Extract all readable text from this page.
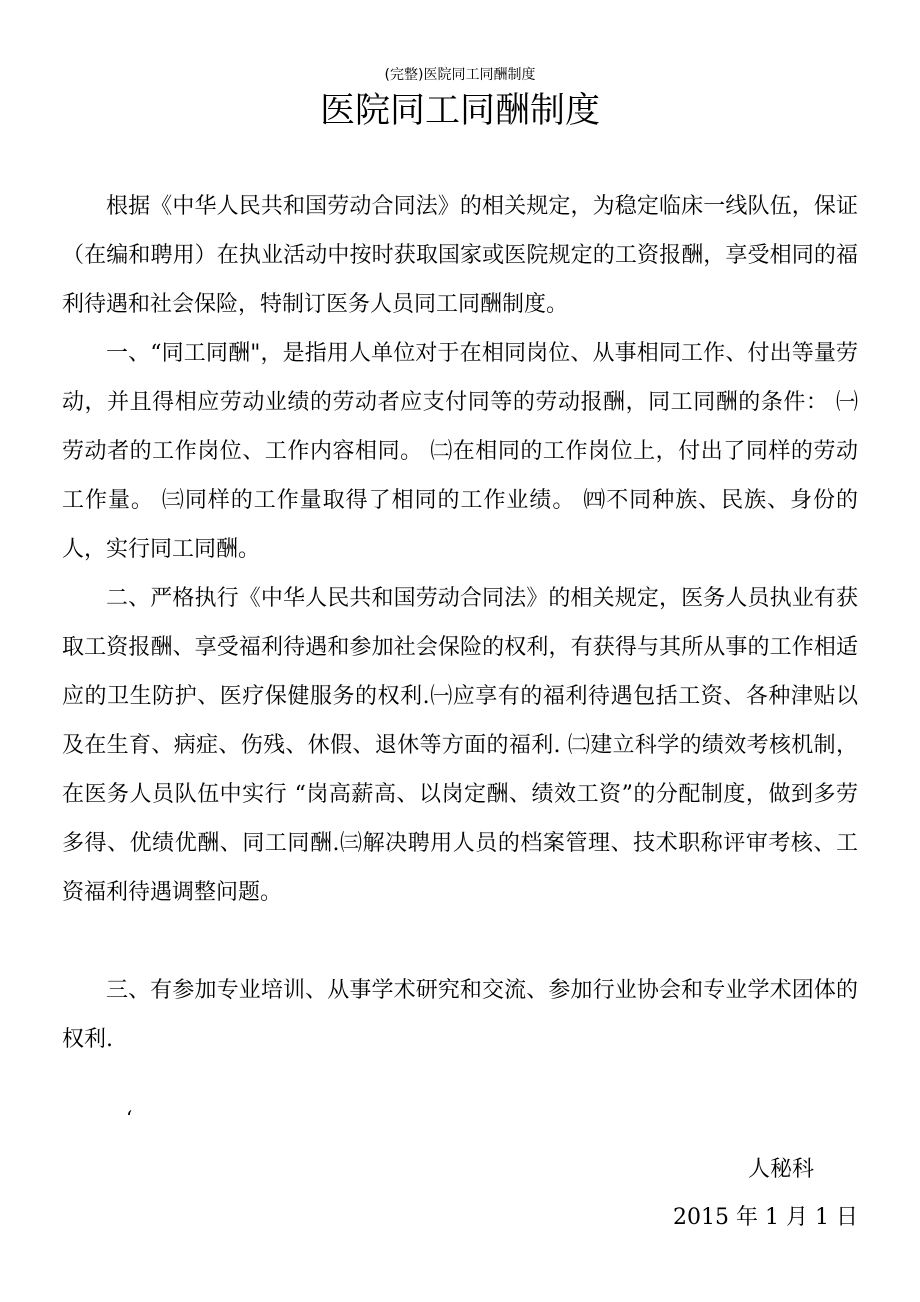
(完整)医院同工同酬制度
医院同工同酬制度

根据《中华人民共和国劳动合同法》的相关规定，为稳定临床一线队伍，保证（在编和聘用）在执业活动中按时获取国家或医院规定的工资报酬，享受相同的福利待遇和社会保险，特制订医务人员同工同酬制度。

一、“同工同酬"，是指用人单位对于在相同岗位、从事相同工作、付出等量劳动，并且得相应劳动业绩的劳动者应支付同等的劳动报酬，同工同酬的条件： ㈠劳动者的工作岗位、工作内容相同。 ㈡在相同的工作岗位上，付出了同样的劳动工作量。 ㈢同样的工作量取得了相同的工作业绩。 ㈣不同种族、民族、身份的人，实行同工同酬。

二、严格执行《中华人民共和国劳动合同法》的相关规定，医务人员执业有获取工资报酬、享受福利待遇和参加社会保险的权利，有获得与其所从事的工作相适应的卫生防护、医疗保健服务的权利.㈠应享有的福利待遇包括工资、各种津贴以及在生育、病症、伤残、休假、退休等方面的福利. ㈡建立科学的绩效考核机制，在医务人员队伍中实行 “岗高薪高、以岗定酬、绩效工资”的分配制度，做到多劳多得、优绩优酬、同工同酬.㈢解决聘用人员的档案管理、技术职称评审考核、工资福利待遇调整问题。

三、有参加专业培训、从事学术研究和交流、参加行业协会和专业学术团体的权利.

‘
人秘科
2015 年 1 月 1 日
